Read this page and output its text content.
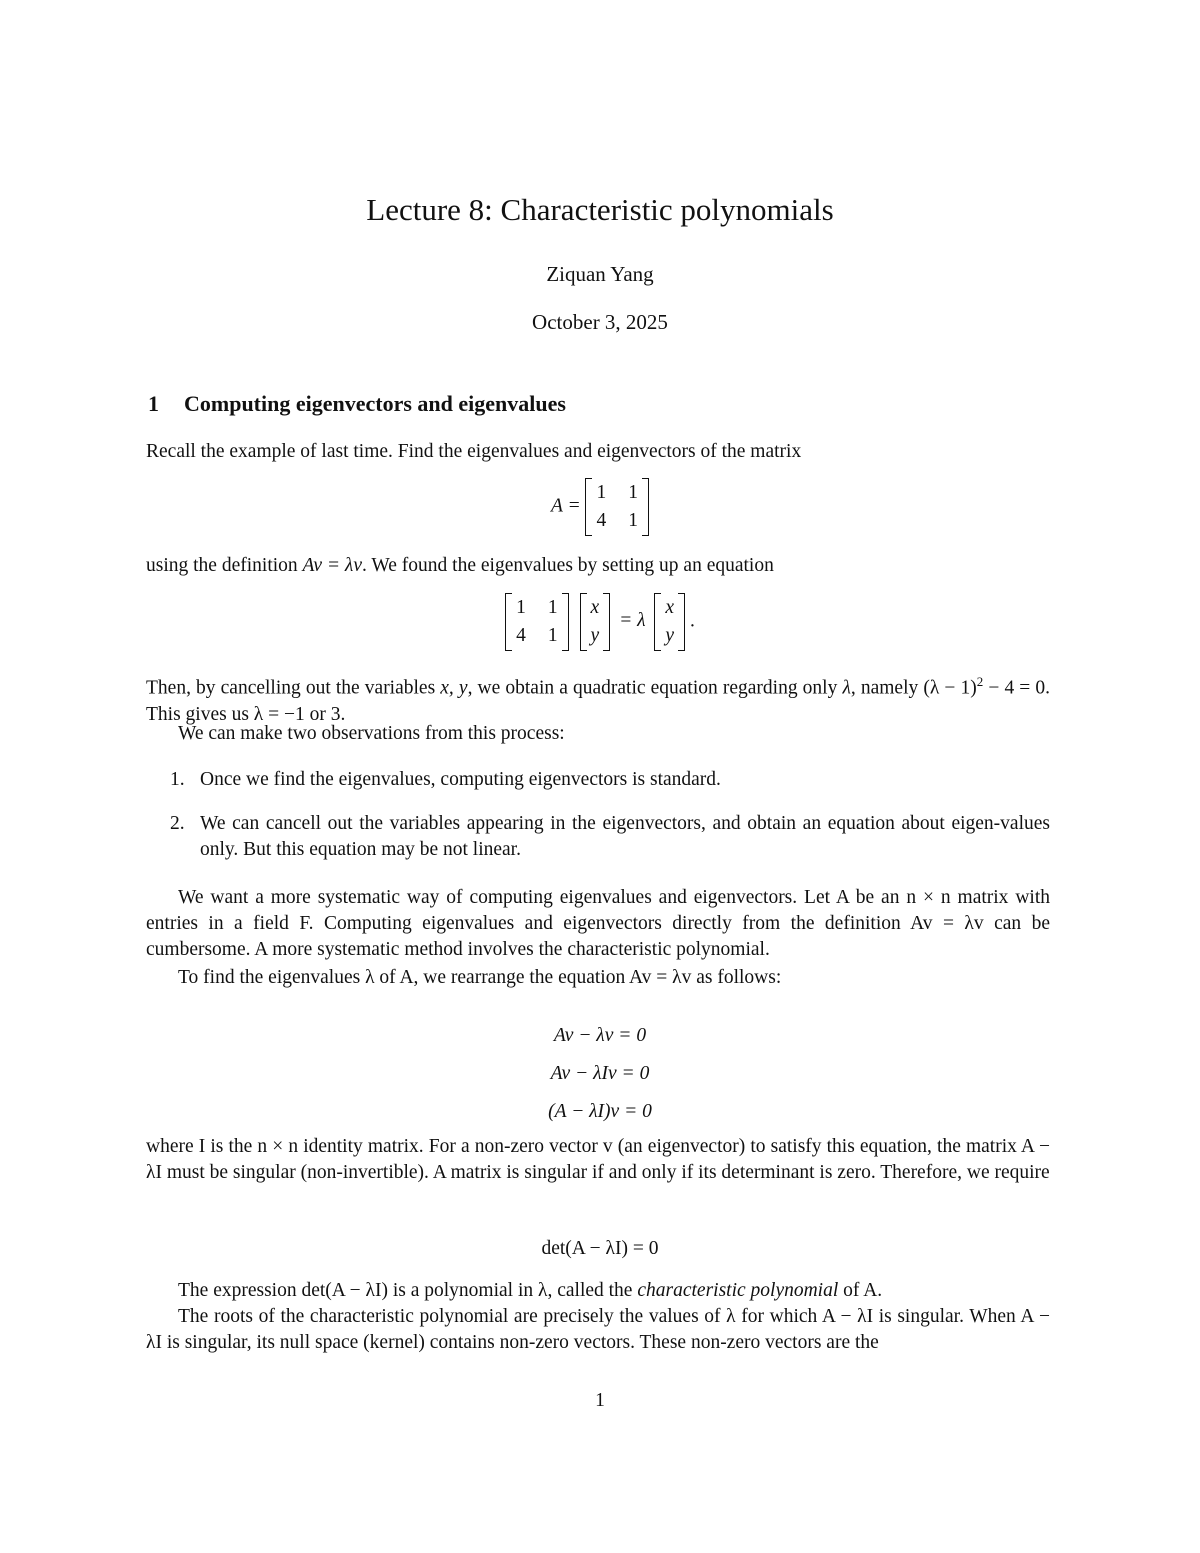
Lecture 8: Characteristic polynomials
Ziquan Yang
October 3, 2025
1 Computing eigenvectors and eigenvalues
Recall the example of last time. Find the eigenvalues and eigenvectors of the matrix
A =
1 1
4 1
using the definition Av = λv. We found the eigenvalues by setting up an equation
1 1
4 1

x
y
= λ
x
y
.
Then, by cancelling out the variables x, y, we obtain a quadratic equation regarding only λ, namely $(\lambda - 1)^2 - 4 = 0$. This gives us λ = −1 or 3.
We can make two observations from this process:
1. Once we find the eigenvalues, computing eigenvectors is standard.
2. We can cancell out the variables appearing in the eigenvectors, and obtain an equation about eigen-values only. But this equation may be not linear.
We want a more systematic way of computing eigenvalues and eigenvectors. Let A be an n × n matrix with entries in a field F. Computing eigenvalues and eigenvectors directly from the definition Av = λv can be cumbersome. A more systematic method involves the characteristic polynomial.
To find the eigenvalues λ of A, we rearrange the equation Av = λv as follows:
Av − λv = 0
Av − λIv = 0
(A − λI)v = 0
where I is the n × n identity matrix. For a non-zero vector v (an eigenvector) to satisfy this equation, the matrix A − λI must be singular (non-invertible). A matrix is singular if and only if its determinant is zero. Therefore, we require
det(A − λI) = 0
The expression det(A − λI) is a polynomial in λ, called the characteristic polynomial of A.
The roots of the characteristic polynomial are precisely the values of λ for which A − λI is singular. When A − λI is singular, its null space (kernel) contains non-zero vectors. These non-zero vectors are the
1
